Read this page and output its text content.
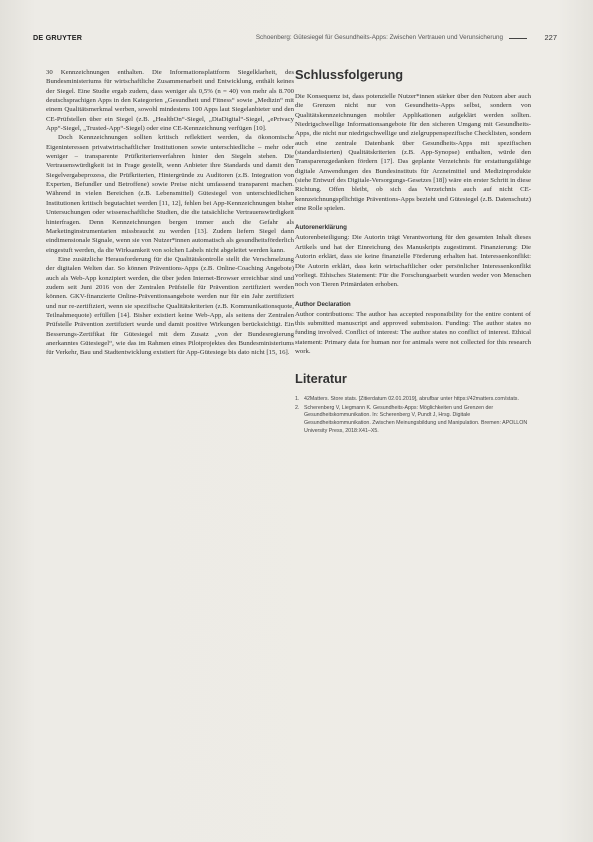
DE GRUYTER	Schoenberg: Gütesiegel für Gesundheits-Apps: Zwischen Vertrauen und Verunsicherung	227

30 Kennzeichnungen enthalten. Die Informationsplattform Siegelklarheit, des Bundesministeriums für wirtschaftliche Zusammenarbeit und Entwicklung, enthält keines der Siegel. Eine Studie ergab zudem, dass weniger als 0,5% (n = 40) von mehr als 8.700 deutschsprachigen Apps in den Kategorien „Gesundheit und Fitness“ sowie „Medizin“ mit einem Qualitätsmerkmal werben, sowohl mindestens 100 Apps laut Siegelanbieter und den CE-Prüfstellen über ein Siegel (z.B. „HealthOn“-Siegel, „DiaDigital“-Siegel, „ePrivacy App“-Siegel, „Trusted-App“-Siegel) oder eine CE-Kennzeichnung verfügen [10].

Doch Kennzeichnungen sollten kritisch reflektiert werden, da ökonomische Eigeninteressen privatwirtschaftlicher Institutionen sowie unterschiedliche – mehr oder weniger – transparente Prüfkriterienverfahren hinter den Siegeln stehen. Die Vertrauenswürdigkeit ist in Frage gestellt, wenn Anbieter ihre Standards und damit den Siegelvergabeprozess, die Prüfkriterien, Hintergründe zu Auditoren (z.B. Integration von Experten, Befundler und Betroffene) sowie Preise nicht umfassend transparent machen. Während in vielen Bereichen (z.B. Lebensmittel) Gütesiegel von unterschiedlichen Institutionen kritisch begutachtet werden [11, 12], fehlen bei App-Kennzeichnungen bisher Untersuchungen oder wissenschaftliche Studien, die die tatsächliche Vertrauenswürdigkeit hinterfragen. Denn Kennzeichnungen bergen immer auch die Gefahr als Marketinginstrumentarien missbraucht zu werden [13]. Zudem liefern Siegel dann eindimensionale Signale, wenn sie von Nutzer*innen automatisch als gesundheitsförderlich eingestuft werden, da die Wirksamkeit von solchen Labels nicht abgeleitet werden kann.

Eine zusätzliche Herausforderung für die Qualitätskontrolle stellt die Verschmelzung der digitalen Welten dar. So können Präventions-Apps (z.B. Online-Coaching Angebote) auch als Web-App konzipiert werden, die über jeden Internet-Browser erreichbar sind und zudem seit Juni 2016 von der Zentralen Prüfstelle für Prävention zertifiziert werden können. GKV-finanzierte Online-Präventionsangebote werden nur für ein Jahr zertifiziert und nur re-zertifiziert, wenn sie spezifische Qualitätskriterien (z.B. Kommunikationsquote, Teilnahmequote) erfüllen [14]. Bisher existiert keine Web-App, als seitens der Zentralen Prüfstelle Prävention zertifiziert wurde und damit positive Wirkungen berücksichtigt. Ein Besserungs-Zertifikat für Gütesiegel mit dem Zusatz „von der Bundesregierung anerkanntes Gütesiegel“, wie das im Rahmen eines Pilotprojektes des Bundesministeriums für Verkehr, Bau und Stadtentwicklung existiert für App-Gütesiege bis dato nicht [15, 16].

Schlussfolgerung

Die Konsequenz ist, dass potenzielle Nutzer*innen stärker über den Nutzen aber auch die Grenzen nicht nur von Gesundheits-Apps selbst, sondern von Qualitätskennzeichnungen mobiler Applikationen aufgeklärt werden sollten. Niedrigschwellige Informationsangebote für den sicheren Umgang mit Gesundheits-Apps, die nicht nur niedrigschwellige und zielgruppenspezifische Checklisten, sondern auch eine zentrale Datenbank über Gesundheits-Apps mit spezifischen (standardisierten) Qualitätskriterien (z.B. App-Synopse) enthalten, würde den Transparenzgedanken fördern [17]. Das geplante Verzeichnis für erstattungsfähige digitale Anwendungen des Bundesinstituts für Arzneimittel und Medizinprodukte (siehe Entwurf des Digitale-Versorgungs-Gesetzes [18]) wäre ein erster Schritt in diese Richtung. Offen bleibt, ob sich das Verzeichnis auch auf nicht CE-kennzeichnungspflichtige Präventions-Apps bezieht und Gütesiegel (z.B. Datenschutz) eine Rolle spielen.

Autorenerklärung

Autorenbeteiligung: Die Autorin trägt Verantwortung für den gesamten Inhalt dieses Artikels und hat der Einreichung des Manuskripts zugestimmt. Finanzierung: Die Autorin erklärt, dass sie keine finanzielle Förderung erhalten hat. Interessenkonflikt: Die Autorin erklärt, dass kein wirtschaftlicher oder persönlicher Interessenkonflikt vorliegt. Ethisches Statement: Für die Forschungsarbeit wurden weder von Menschen noch von Tieren Primärdaten erhoben.

Author Declaration

Author contributions: The author has accepted responsibility for the entire content of this submitted manuscript and approved submission. Funding: The author states no funding involved. Conflict of interest: The author states no conflict of interest. Ethical statement: Primary data for human nor for animals were not collected for this research work.

Literatur
1. 42Matters. Store stats. [Zitierdatum 02.01.2019], abrufbar unter https://42matters.com/stats.
2. Scherenberg V, Liegmann K. Gesundheits-Apps: Möglichkeiten und Grenzen der Gesundheitskommunikation. In: Scherenberg V, Pundt J, Hrsg. Digitale Gesundheitskommunikation. Zwischen Meinungsbildung und Manipulation. Bremen: APOLLON University Press, 2018:X41–X5.
